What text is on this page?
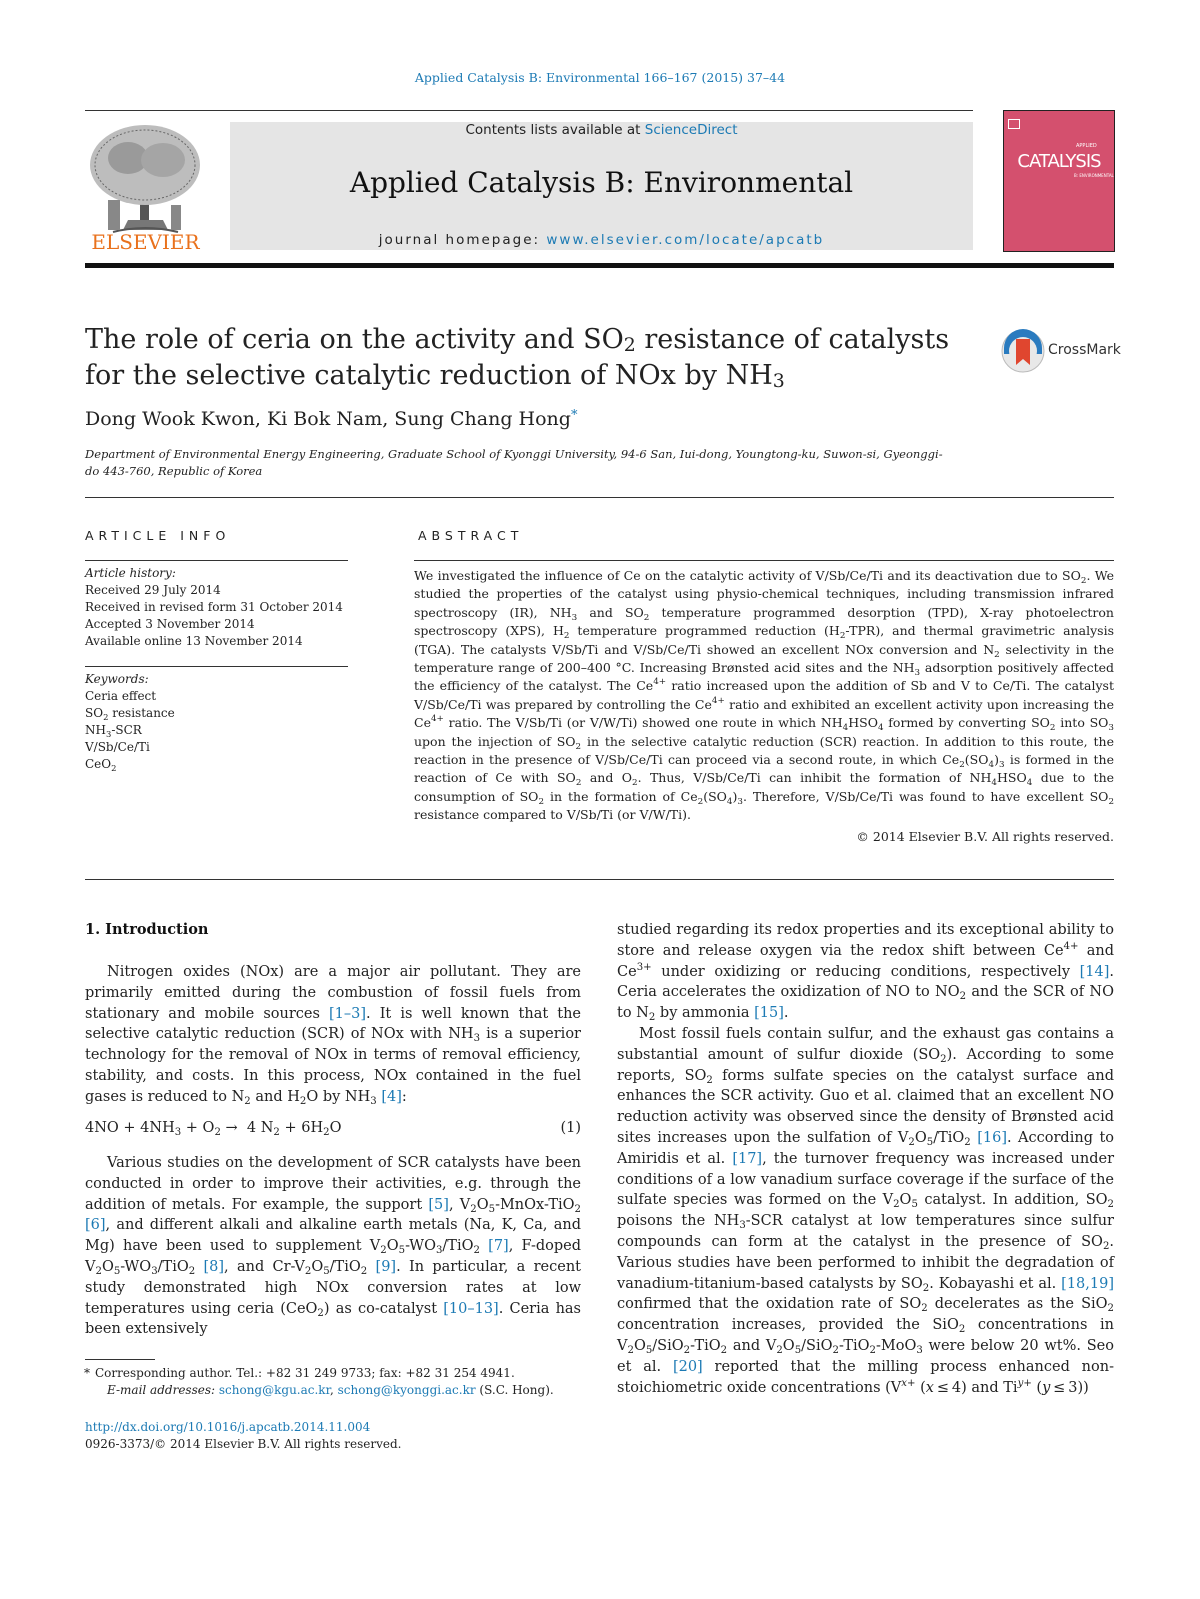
Applied Catalysis B: Environmental 166–167 (2015) 37–44
ELSEVIER
Contents lists available at ScienceDirect
Applied Catalysis B: Environmental
journal homepage: www.elsevier.com/locate/apcatb
APPLIED
CATALYSIS
B: ENVIRONMENTAL
The role of ceria on the activity and $SO_2$ resistance of catalysts for the selective catalytic reduction of NOx by $NH_3$
CrossMark
Dong Wook Kwon, Ki Bok Nam, Sung Chang Hong*
Department of Environmental Energy Engineering, Graduate School of Kyonggi University, 94-6 San, Iui-dong, Youngtong-ku, Suwon-si, Gyeonggi-do 443-760, Republic of Korea
ARTICLE INFO
Article history:
Received 29 July 2014
Received in revised form 31 October 2014
Accepted 3 November 2014
Available online 13 November 2014
Keywords:
Ceria effect
$SO_2$ resistance
$NH_3$-SCR
V/Sb/Ce/Ti
CeO$_2$
ABSTRACT
We investigated the influence of Ce on the catalytic activity of V/Sb/Ce/Ti and its deactivation due to $SO_2$. We studied the properties of the catalyst using physio-chemical techniques, including transmission infrared spectroscopy (IR), $NH_3$ and $SO_2$ temperature programmed desorption (TPD), X-ray photoelectron spectroscopy (XPS), $H_2$ temperature programmed reduction $(H_2-TPR)$, and thermal gravimetric analysis (TGA). The catalysts V/Sb/Ti and V/Sb/Ce/Ti showed an excellent NOx conversion and $N_2$ selectivity in the temperature range of 200–400 °C. Increasing Brønsted acid sites and the $NH_3$ adsorption positively affected the efficiency of the catalyst. The $Ce^{4+}$ ratio increased upon the addition of Sb and V to Ce/Ti. The catalyst V/Sb/Ce/Ti was prepared by controlling the $Ce^{4+}$ ratio and exhibited an excellent activity upon increasing the $Ce^{4+}$ ratio. The V/Sb/Ti (or V/W/Ti) showed one route in which $NH_4HSO_4$ formed by converting $SO_2$ into $SO_3$ upon the injection of $SO_2$ in the selective catalytic reduction (SCR) reaction. In addition to this route, the reaction in the presence of V/Sb/Ce/Ti can proceed via a second route, in which $Ce_2(SO_4)_3$ is formed in the reaction of Ce with $SO_2$ and $O_2$. Thus, V/Sb/Ce/Ti can inhibit the formation of $NH_4HSO_4$ due to the consumption of $SO_2$ in the formation of $Ce_2(SO_4)_3$. Therefore, V/Sb/Ce/Ti was found to have excellent $SO_2$ resistance compared to V/Sb/Ti (or V/W/Ti).
© 2014 Elsevier B.V. All rights reserved.
1. Introduction

Nitrogen oxides (NOx) are a major air pollutant. They are primarily emitted during the combustion of fossil fuels from stationary and mobile sources [1–3]. It is well known that the selective catalytic reduction (SCR) of NOx with $NH_3$ is a superior technology for the removal of NOx in terms of removal efficiency, stability, and costs. In this process, NOx contained in the fuel gases is reduced to $N_2$ and $H_2O$ by $NH_3$ [4]:

$4NO + 4NH_3 + O_2 \to 4$ $N_2 + 6H_2O$	(1)

Various studies on the development of SCR catalysts have been conducted in order to improve their activities, e.g. through the addition of metals. For example, the support [5], $V_2O_5-MnOx-TiO_2$ [6], and different alkali and alkaline earth metals (Na, K, Ca, and Mg) have been used to supplement $V_2O_5-WO_3/TiO_2$ [7], F-doped $V_2O_5-WO_3/TiO_2$ [8], and $Cr-V_2O_5/TiO_2$ [9]. In particular, a recent study demonstrated high NOx conversion rates at low temperatures using ceria (CeO$_2$) as co-catalyst [10–13]. Ceria has been extensively

studied regarding its redox properties and its exceptional ability to store and release oxygen via the redox shift between $Ce^{4+}$ and $Ce^{3+}$ under oxidizing or reducing conditions, respectively [14]. Ceria accelerates the oxidization of NO to $NO_2$ and the SCR of NO to $N_2$ by ammonia [15].

Most fossil fuels contain sulfur, and the exhaust gas contains a substantial amount of sulfur dioxide $(SO_2)$. According to some reports, $SO_2$ forms sulfate species on the catalyst surface and enhances the SCR activity. Guo et al. claimed that an excellent NO reduction activity was observed since the density of Brønsted acid sites increases upon the sulfation of $V_2O_5/TiO_2$ [16]. According to Amiridis et al. [17], the turnover frequency was increased under conditions of a low vanadium surface coverage if the surface of the sulfate species was formed on the $V_2O_5$ catalyst. In addition, $SO_2$ poisons the $NH_3$-SCR catalyst at low temperatures since sulfur compounds can form at the catalyst in the presence of $SO_2$. Various studies have been performed to inhibit the degradation of vanadium-titanium-based catalysts by $SO_2$. Kobayashi et al. [18,19] confirmed that the oxidation rate of $SO_2$ decelerates as the SiO$_2$ concentration increases, provided the SiO$_2$ concentrations in $V_2O_5/SiO_2-TiO_2$ and $V_2O_5/SiO_2-TiO_2-MoO_3$ were below 20 wt%. Seo et al. [20] reported that the milling process enhanced non-stoichiometric oxide concentrations ($V^{x+}$ (x ≤ 4) and $Ti^{y+}$ (y ≤ 3))

* Corresponding author. Tel.: +82 31 249 9733; fax: +82 31 254 4941.
E-mail addresses: schong@kgu.ac.kr, schong@kyonggi.ac.kr (S.C. Hong).
http://dx.doi.org/10.1016/j.apcatb.2014.11.004
0926-3373/© 2014 Elsevier B.V. All rights reserved.
